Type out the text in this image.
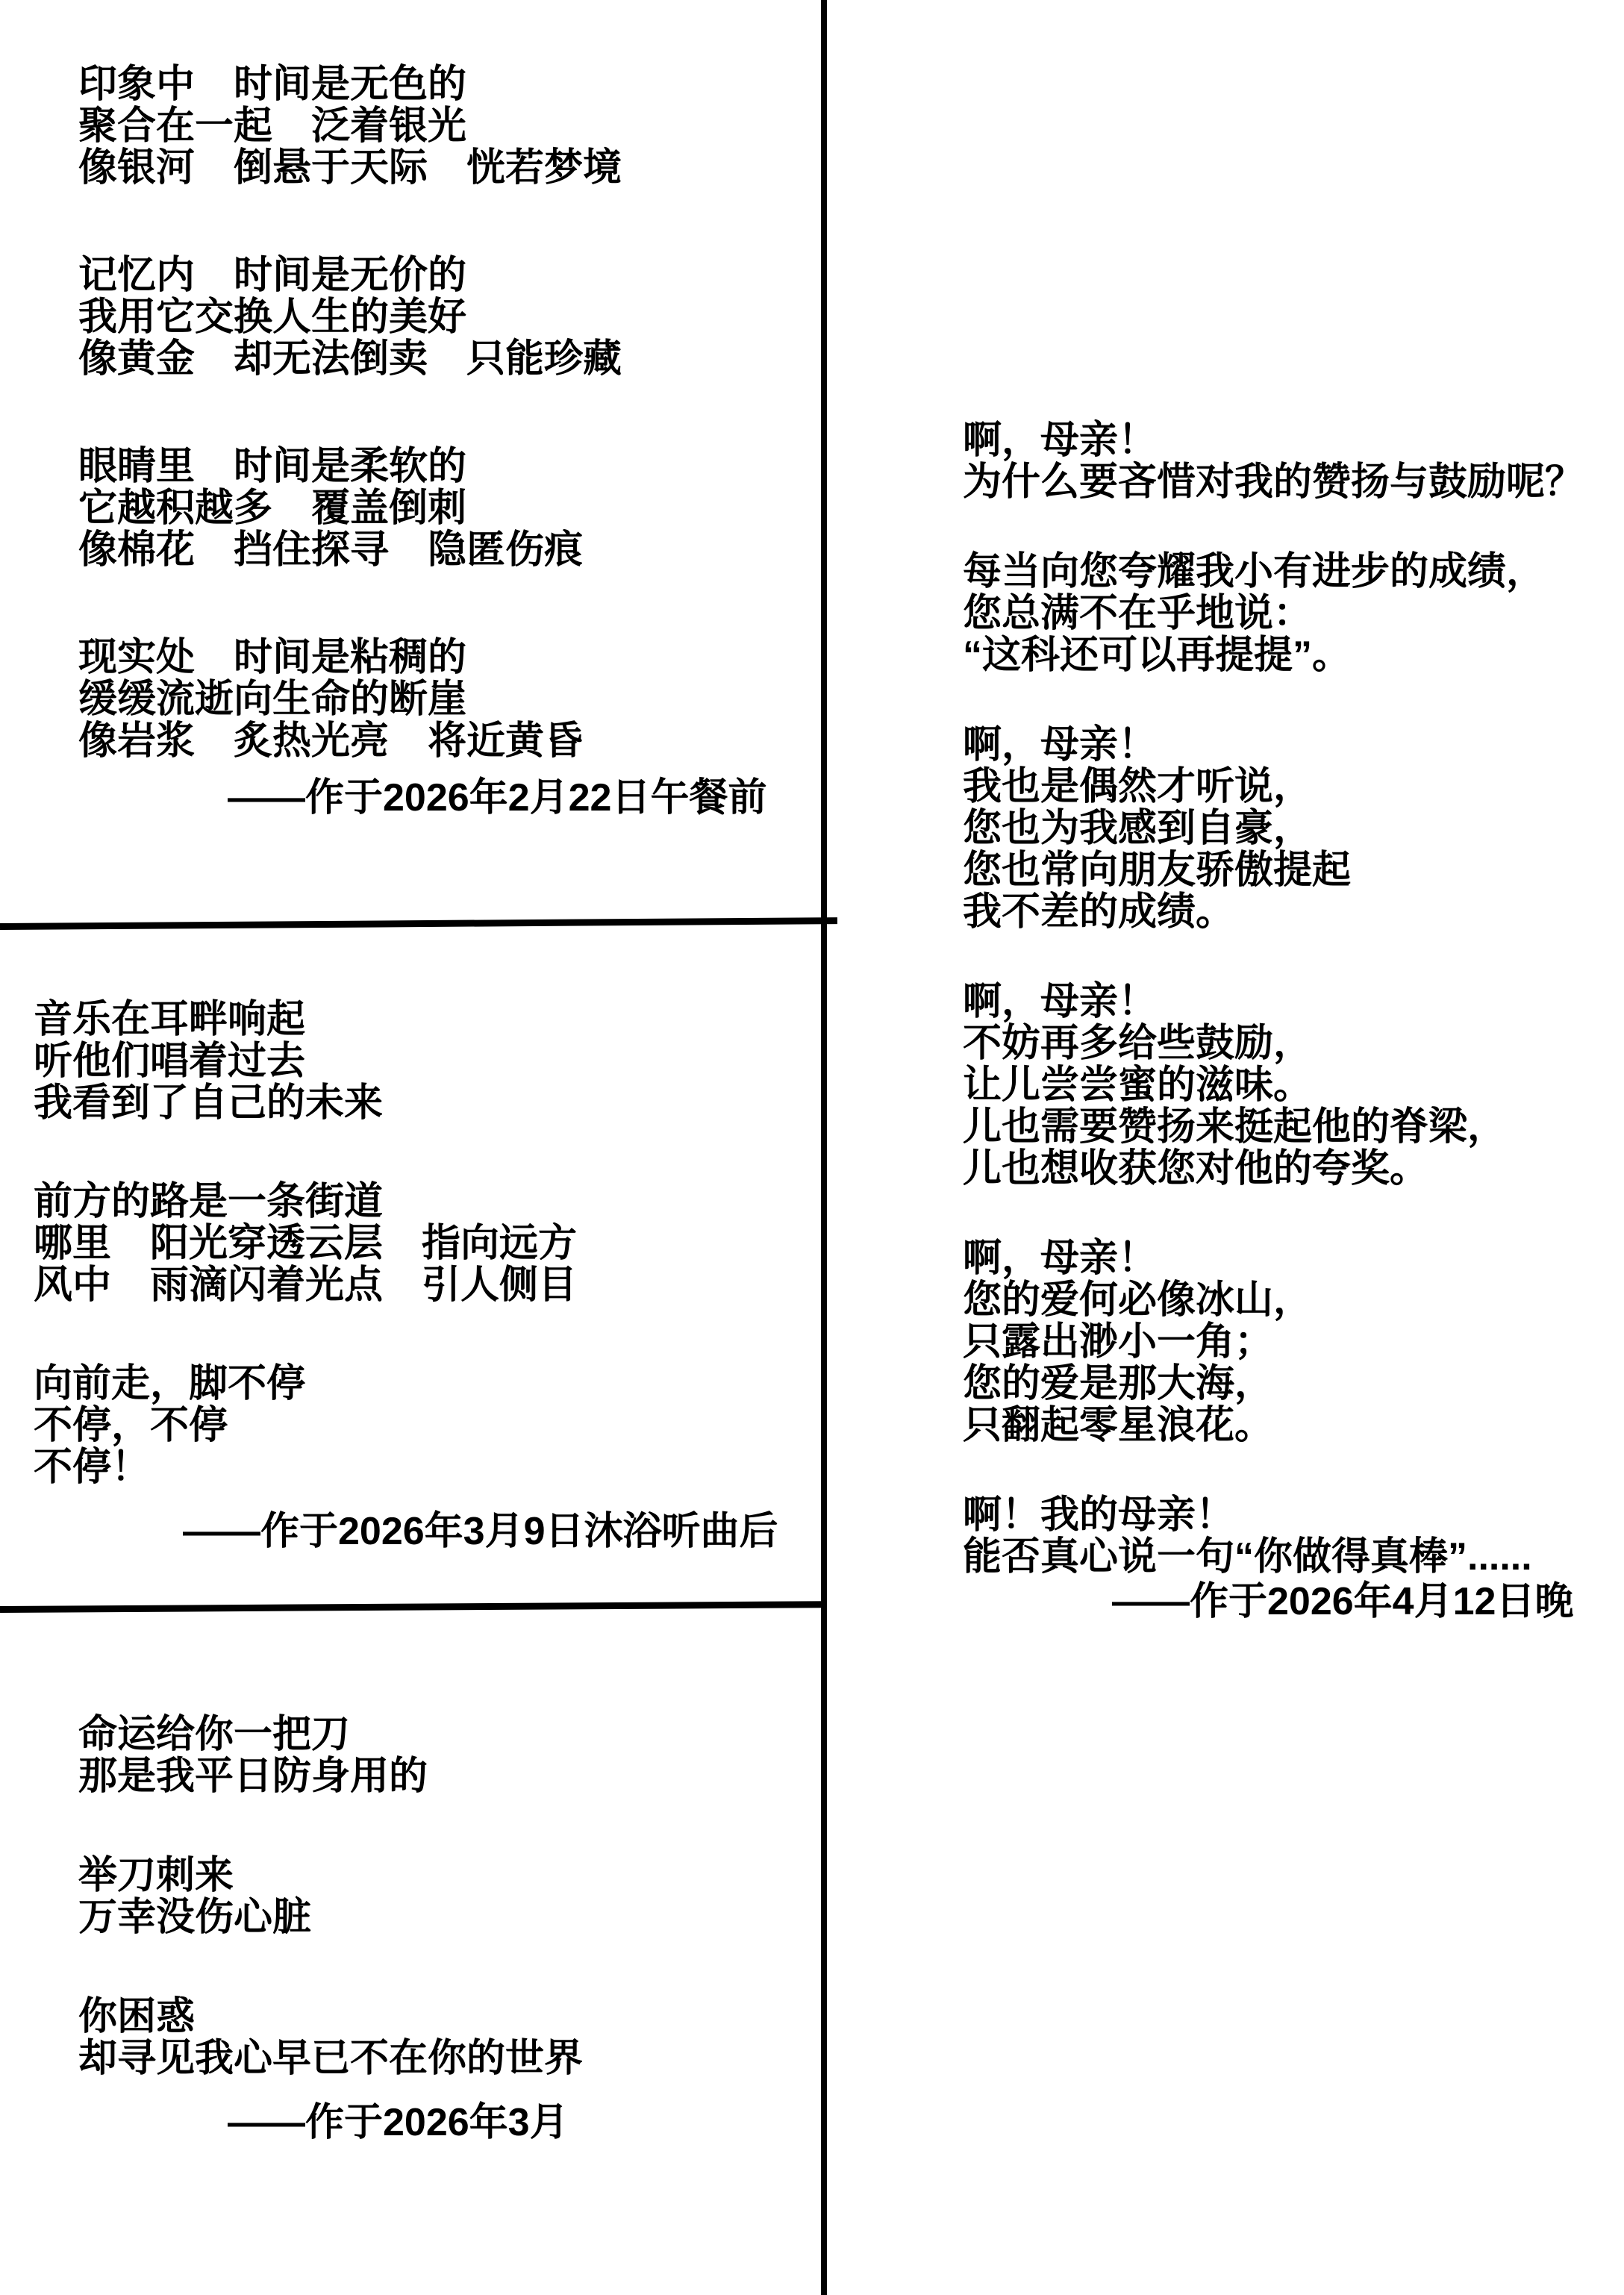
印象中　时间是无色的
聚合在一起　泛着银光
像银河　倒悬于天际　恍若梦境
记忆内　时间是无价的
我用它交换人生的美好
像黄金　却无法倒卖　只能珍藏
眼睛里　时间是柔软的
它越积越多　覆盖倒刺
像棉花　挡住探寻　隐匿伤痕
现实处　时间是粘稠的
缓缓流逝向生命的断崖
像岩浆　炙热光亮　将近黄昏
——作于2026年2月22日午餐前
音乐在耳畔响起
听他们唱着过去
我看到了自己的未来
前方的路是一条街道
哪里　阳光穿透云层　指向远方
风中　雨滴闪着光点　引人侧目
向前走，脚不停
不停，不停
不停！
——作于2026年3月9日沐浴听曲后
命运给你一把刀
那是我平日防身用的
举刀刺来
万幸没伤心脏
你困惑
却寻见我心早已不在你的世界
——作于2026年3月
啊，母亲！
为什么要吝惜对我的赞扬与鼓励呢？
每当向您夸耀我小有进步的成绩，
您总满不在乎地说：
“这科还可以再提提”。
啊，母亲！
我也是偶然才听说，
您也为我感到自豪，
您也常向朋友骄傲提起
我不差的成绩。
啊，母亲！
不妨再多给些鼓励，
让儿尝尝蜜的滋味。
儿也需要赞扬来挺起他的脊梁，
儿也想收获您对他的夸奖。
啊，母亲！
您的爱何必像冰山，
只露出渺小一角；
您的爱是那大海，
只翻起零星浪花。
啊！我的母亲！
能否真心说一句“你做得真棒”......
——作于2026年4月12日晚
